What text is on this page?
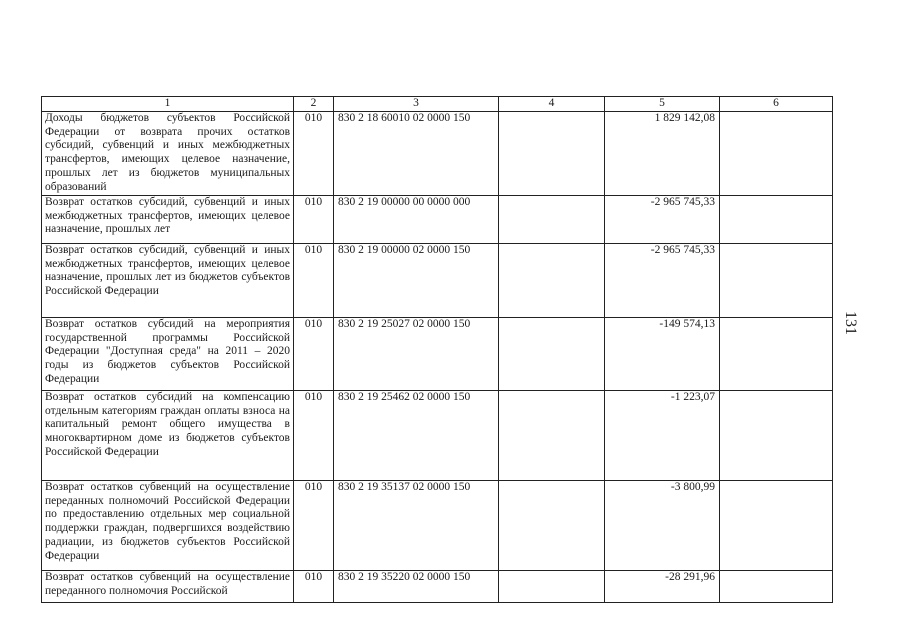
1	2	3	4	5	6
Доходы бюджетов субъектов Российской Федерации от возврата прочих остатков субсидий, субвенций и иных межбюджетных трансфертов, имеющих целевое назначение, прошлых лет из бюджетов муниципальных образований	010	830 2 18 60010 02 0000 150		1 829 142,08	
Возврат остатков субсидий, субвенций и иных межбюджетных трансфертов, имеющих целевое назначение, прошлых лет	010	830 2 19 00000 00 0000 000		-2 965 745,33	
Возврат остатков субсидий, субвенций и иных межбюджетных трансфертов, имеющих целевое назначение, прошлых лет из бюджетов субъектов Российской Федерации	010	830 2 19 00000 02 0000 150		-2 965 745,33	
Возврат остатков субсидий на мероприятия государственной программы Российской Федерации "Доступная среда" на 2011 – 2020 годы из бюджетов субъектов Российской Федерации	010	830 2 19 25027 02 0000 150		-149 574,13	
Возврат остатков субсидий на компенсацию отдельным категориям граждан оплаты взноса на капитальный ремонт общего имущества в многоквартирном доме из бюджетов субъектов Российской Федерации	010	830 2 19 25462 02 0000 150		-1 223,07	
Возврат остатков субвенций на осуществление переданных полномочий Российской Федерации по предоставлению отдельных мер социальной поддержки граждан, подвергшихся воздействию радиации, из бюджетов субъектов Российской Федерации	010	830 2 19 35137 02 0000 150		-3 800,99	
Возврат остатков субвенций на осуществление переданного полномочия Российской	010	830 2 19 35220 02 0000 150		-28 291,96	
131
